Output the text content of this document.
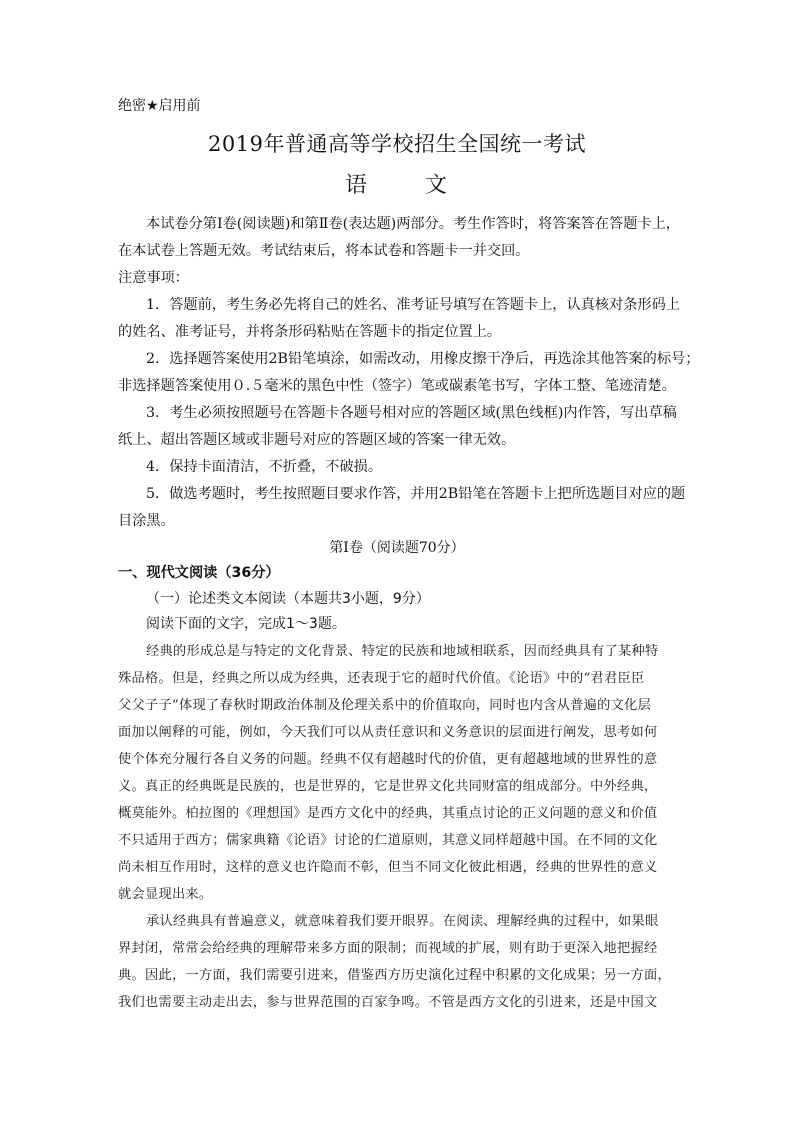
绝密★启用前
2019年普通高等学校招生全国统一考试
语	文
本试卷分第Ⅰ卷(阅读题)和第Ⅱ卷(表达题)两部分。考生作答时，将答案答在答题卡上，
在本试卷上答题无效。考试结束后，将本试卷和答题卡一并交回。
注意事项：
1．答题前，考生务必先将自己的姓名、准考证号填写在答题卡上，认真核对条形码上
的姓名、准考证号，并将条形码粘贴在答题卡的指定位置上。
2．选择题答案使用2B铅笔填涂，如需改动，用橡皮擦干净后，再选涂其他答案的标号；
非选择题答案使用０.５毫米的黑色中性（签字）笔或碳素笔书写，字体工整、笔迹清楚。
3．考生必须按照题号在答题卡各题号相对应的答题区域(黑色线框)内作答，写出草稿
纸上、超出答题区域或非题号对应的答题区域的答案一律无效。
4．保持卡面清洁，不折叠，不破损。
5．做选考题时，考生按照题目要求作答，并用2B铅笔在答题卡上把所选题目对应的题
目涂黑。
第Ⅰ卷（阅读题70分）
一、现代文阅读（36分）
（一）论述类文本阅读（本题共3小题，9分）
阅读下面的文字，完成1～3题。
经典的形成总是与特定的文化背景、特定的民族和地域相联系，因而经典具有了某种特
殊品格。但是，经典之所以成为经典，还表现于它的超时代价值。《论语》中的“君君臣臣
父父子子”体现了春秋时期政治体制及伦理关系中的价值取向，同时也内含从普遍的文化层
面加以阐释的可能，例如，今天我们可以从责任意识和义务意识的层面进行阐发，思考如何
使个体充分履行各自义务的问题。经典不仅有超越时代的价值，更有超越地域的世界性的意
义。真正的经典既是民族的，也是世界的，它是世界文化共同财富的组成部分。中外经典，
概莫能外。柏拉图的《理想国》是西方文化中的经典，其重点讨论的正义问题的意义和价值
不只适用于西方；儒家典籍《论语》讨论的仁道原则，其意义同样超越中国。在不同的文化
尚未相互作用时，这样的意义也许隐而不彰，但当不同文化彼此相遇，经典的世界性的意义
就会显现出来。
承认经典具有普遍意义，就意味着我们要开眼界。在阅读、理解经典的过程中，如果眼
界封闭，常常会给经典的理解带来多方面的限制；而视域的扩展，则有助于更深入地把握经
典。因此，一方面，我们需要引进来，借鉴西方历史演化过程中积累的文化成果；另一方面，
我们也需要主动走出去，参与世界范围的百家争鸣。不管是西方文化的引进来，还是中国文
